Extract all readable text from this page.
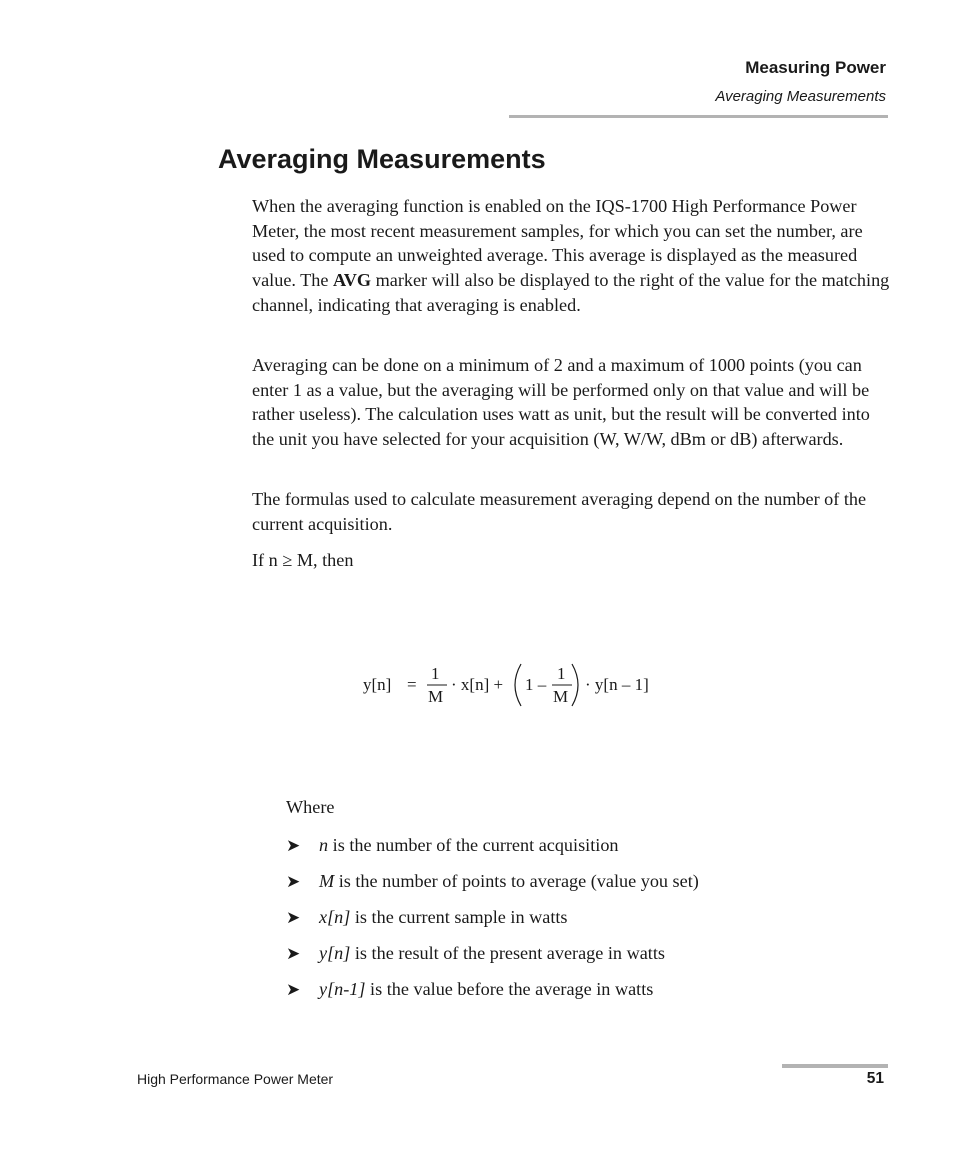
Measuring Power
Averaging Measurements
Averaging Measurements

When the averaging function is enabled on the IQS-1700 High Performance Power Meter, the most recent measurement samples, for which you can set the number, are used to compute an unweighted average. This average is displayed as the measured value. The AVG marker will also be displayed to the right of the value for the matching channel, indicating that averaging is enabled.

Averaging can be done on a minimum of 2 and a maximum of 1000 points (you can enter 1 as a value, but the averaging will be performed only on that value and will be rather useless). The calculation uses watt as unit, but the result will be converted into the unit you have selected for your acquisition (W, W/W, dBm or dB) afterwards.

The formulas used to calculate measurement averaging depend on the number of the current acquisition.

If n ≥ M, then

y[n] =
1
M
· x[n] + 1 –
1
M
· y[n – 1]
Where
➤	n is the number of the current acquisition
➤	M is the number of points to average (value you set)
➤	x[n] is the current sample in watts
➤	y[n] is the result of the present average in watts
➤	y[n-1] is the value before the average in watts
High Performance Power Meter	51
